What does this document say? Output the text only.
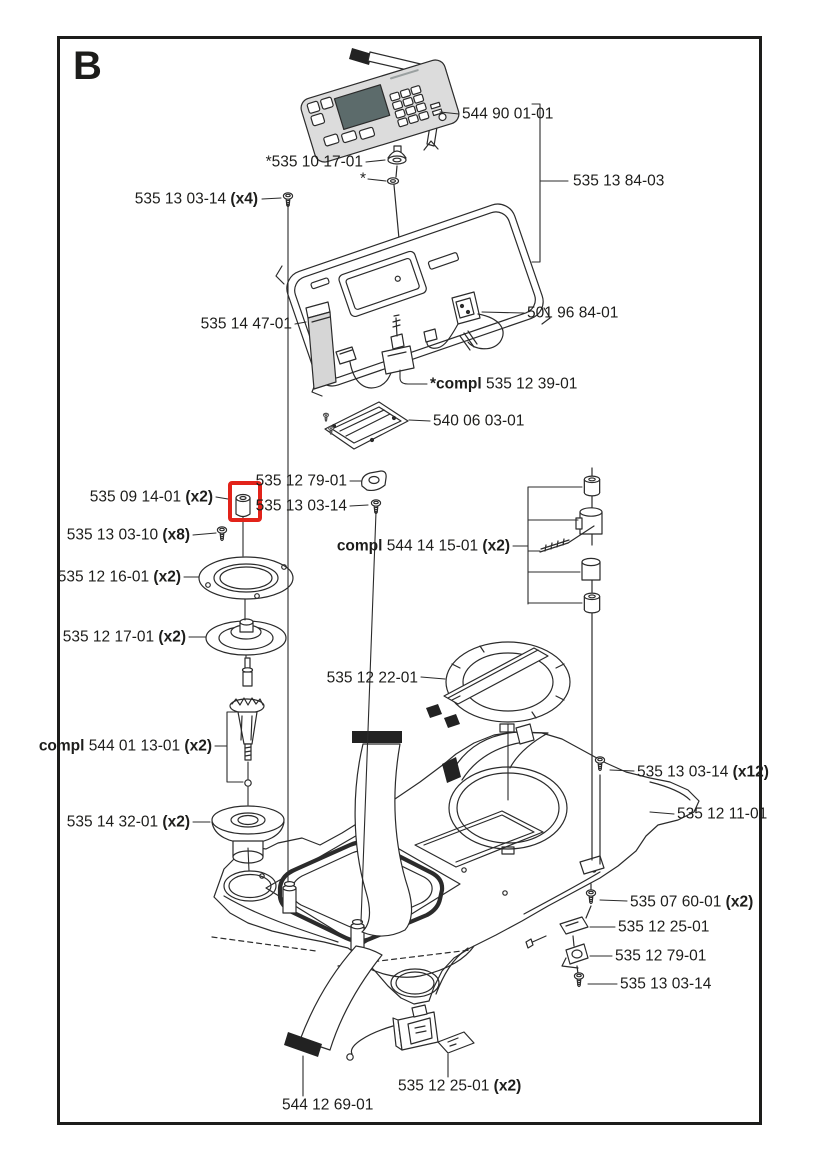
B
544 90 01-01
*535 10 17-01
*
535 13 03-14 (x4)
535 13 84-03
535 14 47-01
501 96 84-01
*compl 535 12 39-01
540 06 03-01
535 12 79-01
535 13 03-14
535 09 14-01 (x2)
535 13 03-10 (x8)
535 12 16-01 (x2)
535 12 17-01 (x2)
compl 544 14 15-01 (x2)
535 12 22-01
compl 544 01 13-01 (x2)
535 14 32-01 (x2)
535 13 03-14 (x12)
535 12 11-01
535 07 60-01 (x2)
535 12 25-01
535 12 79-01
535 13 03-14
535 12 25-01 (x2)
544 12 69-01
